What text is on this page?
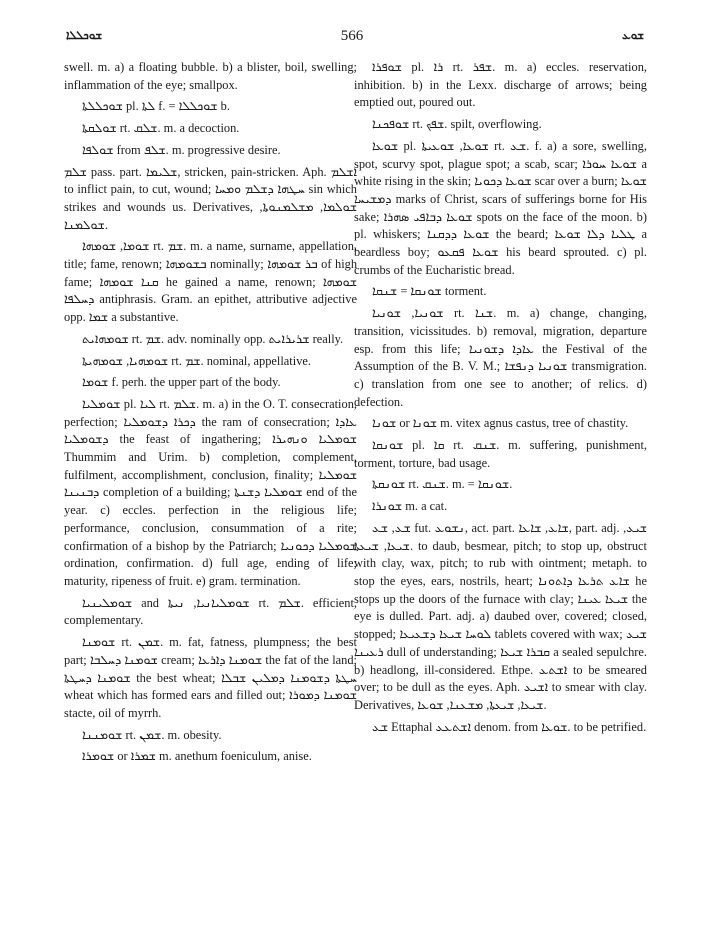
ܫܘܟܠܠܐ	566	ܫܘܥ

swell. m. a) a floating bubble. b) a blister, boil, swelling; inflammation of the eye; smallpox.

ܫܘܟܠܠܬܐ pl. ܠܬܐ f. = ܫܘܟܠܠܐ b.

ܫܘܠܩܬܐ rt. ܫܠܩ. m. a decoction.

ܫܘܠܦܐ from ܫܠܦ. m. progressive desire.

ܫܠܡ pass. part. ܫܠܝܡܐ, stricken, pain-stricken. Aph. ܐܫܠܡ to inflict pain, to cut, wound; ܚܛܗܐ ܕܫܠܡ ܘܡܚܐ sin which strikes and wounds us. Derivatives, ܫܘܠܡܐ, ܡܫܠܡܢܘܬܐ, ܫܘܠܡܢܐ.

ܫܘܡܐ, ܫܘܡܗܐ rt. ܫܡ. m. a name, surname, appellation, title; fame, renown; ܒܫܘܡܗܐ nominally; ܒܪ ܫܘܡܗܐ of high fame; ܩܢܐ ܫܘܡܗܐ he gained a name, renown; ܫܘܡܗܐ ܕܚܠܦܐ antiphrasis. Gram. an epithet, attributive adjective opp. ܫܡܐ a substantive.

ܫܘܡܗܐܝܬ rt. ܫܡ. adv. nominally opp. ܫܪܝܪܐܝܬ really.

ܫܘܡܗܝܐ, ܫܘܡܗܝܬܐ rt. ܫܡ. nominal, appellative.

ܫܘܡܐ f. perh. the upper part of the body.

ܫܘܡܠܝܐ pl. ܠܝܐ rt. ܫܠܡ. m. a) in the O. T. consecration, perfection; ܕܟܪܐ ܕܫܘܡܠܝܐ the ram of consecration; ܥܐܕܐ ܕܫܘܡܠܝܐ the feast of ingathering; ܫܘܡܠܝܐ ܘܢܗܝܪܐ Thummim and Urim. b) completion, complement, fulfilment, accomplishment, conclusion, finality; ܫܘܡܠܝܐ ܕܒܢܝܢܐ completion of a building; ܫܘܡܠܝܐ ܕܫܢܬܐ end of the year. c) eccles. perfection in the religious life; performance, conclusion, consummation of a rite; confirmation of a bishop by the Patriarch; ܫܘܡܠܝܐ ܕܟܘܢܝܐ ordination, confirmation. d) full age, ending of life; maturity, ripeness of fruit. e) gram. termination.

ܫܘܡܠܝܢܝܐ and ܫܘܡܠܝܐܢܝܐ, ܢܝܬܐ rt. ܫܠܡ. efficient, complementary.

ܫܘܡܢܐ rt. ܫܡܢ. m. fat, fatness, plumpness; the best part; ܫܘܡܢܐ ܕܚܠܒܐ cream; ܫܘܡܢܐ ܕܐܪܥܐ the fat of the land; ܫܘܡܢܐ ܕܚܛܬܐ the best wheat; ܚܛܬܐ ܕܫܘܡܢܐ ܕܡܠܝܢ ܫܒܠܐ wheat which has formed ears and filled out; ܫܘܡܢܐ ܕܡܘܪܐ stacte, oil of myrrh.

ܫܘܡܢܢܐ rt. ܫܡܢ. m. obesity.

ܫܘܡܪܐ or ܫܡܪܐ m. anethum foeniculum, anise.

ܫܘܦܪܐ pl. ܪܐ rt. ܫܦܪ. m. a) eccles. reservation, inhibition. b) in the Lexx. discharge of arrows; being emptied out, poured out.

ܫܘܦܟܢܐ rt. ܫܦܟ. spilt, overflowing.

ܫܘܥܐ pl. ܫܘܥܐ, ܫܘܥܝܬܐ rt. ܫܥ. f. a) a sore, swelling, spot, scurvy spot, plague spot; a scab, scar; ܫܘܥܐ ܚܘܪܐ a white rising in the skin; ܫܘܥܐ ܕܟܘܝܐ scar over a burn; ܫܘܥܐ ܕܡܫܝܚܐ marks of Christ, scars of sufferings borne for His sake; ܫܘܥܐ ܕܒܐܦܝ ܣܗܪܐ spots on the face of the moon. b) pl. whiskers; ܫܘܥܐ ܕܕܩܢܐ the beard; ܛܠܝܐ ܕܠܐ ܫܘܥܐ a beardless boy; ܫܘܥܐ ܦܩܥܘ his beard sprouted. c) pl. crumbs of the Eucharistic bread.

ܫܘܢܩܐ = ܫܢܩܐ torment.

ܫܘܢܝܐ, ܫܘܢܝܐ rt. ܫܢܐ. m. a) change, changing, transition, vicissitudes. b) removal, migration, departure esp. from this life; ܥܐܕܐ ܕܫܘܢܝܐ the Festival of the Assumption of the B. V. M.; ܫܘܢܝܐ ܕܢܦܫܐ transmigration. c) translation from one see to another; of relics. d) defection.

ܫܘܢܐ or ܫܘܢܐ m. vitex agnus castus, tree of chastity.

ܫܘܢܩܐ pl. ܩܐ rt. ܫܢܩ. m. suffering, punishment, torment, torture, bad usage.

ܫܘܢܩܬܐ rt. ܫܢܩ. m. = ܫܘܢܩܐ.

ܫܘܢܪܐ m. a cat.

ܫܥ, ܫܥ fut. ܢܫܘܥ, act. part. ܫܐܥ, ܫܐܥܐ, part. adj. ܫܝܥ, ܫܝܥܐ, ܫܝܥܬܐ. to daub, besmear, pitch; to stop up, obstruct with clay, wax, pitch; to rub with ointment; metaph. to stop the eyes, ears, nostrils, heart; ܫܐܥ ܬܪܥܐ ܕܐܬܘܢܐ he stops up the doors of the furnace with clay; ܫܝܥܐ ܥܝܢܐ the eye is dulled. Part. adj. a) daubed over, covered; closed, stopped; ܠܘܚܐ ܫܝܥܐ ܕܫܥܝܥܐ tablets covered with wax; ܫܝܥ ܪܥܝܢܐ dull of understanding; ܩܒܪܐ ܫܝܥܐ a sealed sepulchre. b) headlong, ill-considered. Ethpe. ܐܫܬܥ to be smeared over; to be dull as the eyes. Aph. ܐܫܝܥ to smear with clay. Derivatives, ܫܝܥܐ, ܫܝܥܬܐ, ܡܫܥܢܐ, ܫܘܥܐ.

ܫܥ Ettaphal ܐܫܬܥܥ denom. from ܫܘܥܐ. to be petrified.
